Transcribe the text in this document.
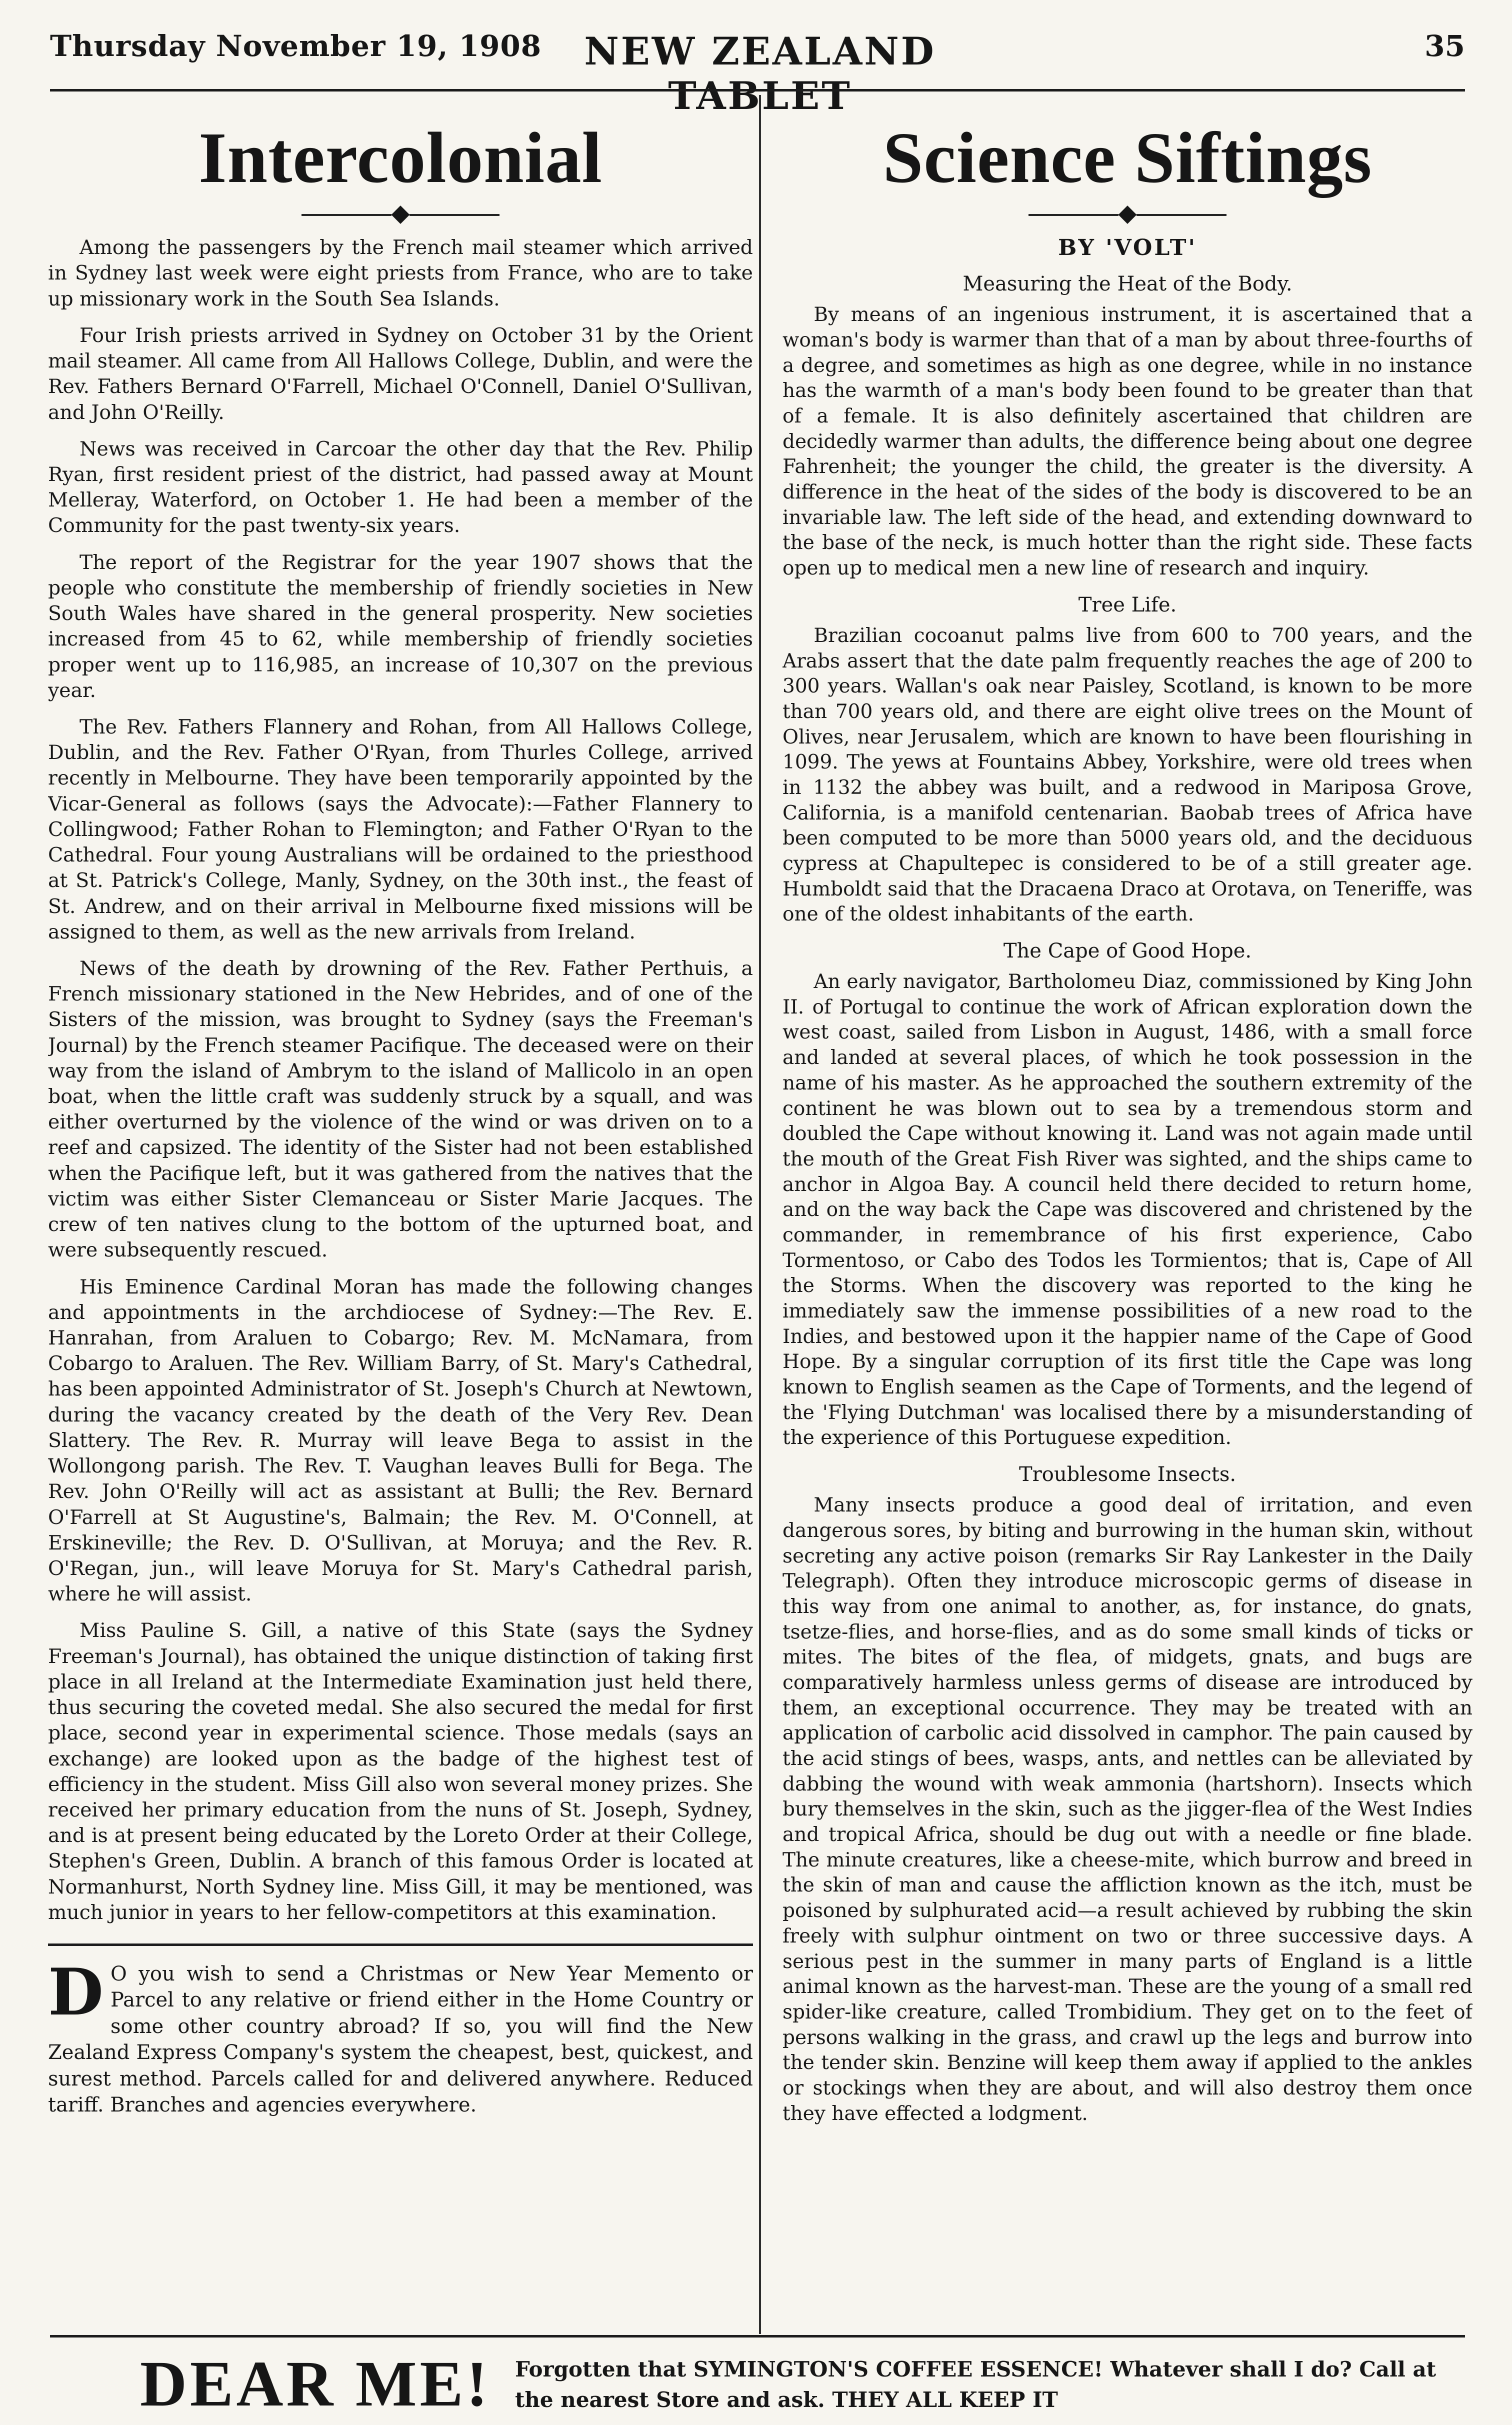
Thursday November 19, 1908	NEW ZEALAND TABLET
35
Intercolonial
◆

Among the passengers by the French mail steamer which arrived in Sydney last week were eight priests from France, who are to take up missionary work in the South Sea Islands.

Four Irish priests arrived in Sydney on October 31 by the Orient mail steamer. All came from All Hallows College, Dublin, and were the Rev. Fathers Bernard O'Farrell, Michael O'Connell, Daniel O'Sullivan, and John O'Reilly.

News was received in Carcoar the other day that the Rev. Philip Ryan, first resident priest of the district, had passed away at Mount Melleray, Waterford, on October 1. He had been a member of the Community for the past twenty-six years.

The report of the Registrar for the year 1907 shows that the people who constitute the membership of friendly societies in New South Wales have shared in the general prosperity. New societies increased from 45 to 62, while membership of friendly societies proper went up to 116,985, an increase of 10,307 on the previous year.

The Rev. Fathers Flannery and Rohan, from All Hallows College, Dublin, and the Rev. Father O'Ryan, from Thurles College, arrived recently in Melbourne. They have been temporarily appointed by the Vicar-General as follows (says the Advocate):—Father Flannery to Collingwood; Father Rohan to Flemington; and Father O'Ryan to the Cathedral. Four young Australians will be ordained to the priesthood at St. Patrick's College, Manly, Sydney, on the 30th inst., the feast of St. Andrew, and on their arrival in Melbourne fixed missions will be assigned to them, as well as the new arrivals from Ireland.

News of the death by drowning of the Rev. Father Perthuis, a French missionary stationed in the New Hebrides, and of one of the Sisters of the mission, was brought to Sydney (says the Freeman's Journal) by the French steamer Pacifique. The deceased were on their way from the island of Ambrym to the island of Mallicolo in an open boat, when the little craft was suddenly struck by a squall, and was either overturned by the violence of the wind or was driven on to a reef and capsized. The identity of the Sister had not been established when the Pacifique left, but it was gathered from the natives that the victim was either Sister Clemanceau or Sister Marie Jacques. The crew of ten natives clung to the bottom of the upturned boat, and were subsequently rescued.

His Eminence Cardinal Moran has made the following changes and appointments in the archdiocese of Sydney:—The Rev. E. Hanrahan, from Araluen to Cobargo; Rev. M. McNamara, from Cobargo to Araluen. The Rev. William Barry, of St. Mary's Cathedral, has been appointed Administrator of St. Joseph's Church at Newtown, during the vacancy created by the death of the Very Rev. Dean Slattery. The Rev. R. Murray will leave Bega to assist in the Wollongong parish. The Rev. T. Vaughan leaves Bulli for Bega. The Rev. John O'Reilly will act as assistant at Bulli; the Rev. Bernard O'Farrell at St Augustine's, Balmain; the Rev. M. O'Connell, at Erskineville; the Rev. D. O'Sullivan, at Moruya; and the Rev. R. O'Regan, jun., will leave Moruya for St. Mary's Cathedral parish, where he will assist.

Miss Pauline S. Gill, a native of this State (says the Sydney Freeman's Journal), has obtained the unique distinction of taking first place in all Ireland at the Intermediate Examination just held there, thus securing the coveted medal. She also secured the medal for first place, second year in experimental science. Those medals (says an exchange) are looked upon as the badge of the highest test of efficiency in the student. Miss Gill also won several money prizes. She received her primary education from the nuns of St. Joseph, Sydney, and is at present being educated by the Loreto Order at their College, Stephen's Green, Dublin. A branch of this famous Order is located at Normanhurst, North Sydney line. Miss Gill, it may be mentioned, was much junior in years to her fellow-competitors at this examination.

D O you wish to send a Christmas or New Year Memento or Parcel to any relative or friend either in the Home Country or some other country abroad? If so, you will find the New Zealand Express Company's system the cheapest, best, quickest, and surest method. Parcels called for and delivered anywhere. Reduced tariff. Branches and agencies everywhere.

Science Siftings
◆
BY 'VOLT'
Measuring the Heat of the Body.

By means of an ingenious instrument, it is ascertained that a woman's body is warmer than that of a man by about three-fourths of a degree, and sometimes as high as one degree, while in no instance has the warmth of a man's body been found to be greater than that of a female. It is also definitely ascertained that children are decidedly warmer than adults, the difference being about one degree Fahrenheit; the younger the child, the greater is the diversity. A difference in the heat of the sides of the body is discovered to be an invariable law. The left side of the head, and extending downward to the base of the neck, is much hotter than the right side. These facts open up to medical men a new line of research and inquiry.

Tree Life.

Brazilian cocoanut palms live from 600 to 700 years, and the Arabs assert that the date palm frequently reaches the age of 200 to 300 years. Wallan's oak near Paisley, Scotland, is known to be more than 700 years old, and there are eight olive trees on the Mount of Olives, near Jerusalem, which are known to have been flourishing in 1099. The yews at Fountains Abbey, Yorkshire, were old trees when in 1132 the abbey was built, and a redwood in Mariposa Grove, California, is a manifold centenarian. Baobab trees of Africa have been computed to be more than 5000 years old, and the deciduous cypress at Chapultepec is considered to be of a still greater age. Humboldt said that the Dracaena Draco at Orotava, on Teneriffe, was one of the oldest inhabitants of the earth.

The Cape of Good Hope.

An early navigator, Bartholomeu Diaz, commissioned by King John II. of Portugal to continue the work of African exploration down the west coast, sailed from Lisbon in August, 1486, with a small force and landed at several places, of which he took possession in the name of his master. As he approached the southern extremity of the continent he was blown out to sea by a tremendous storm and doubled the Cape without knowing it. Land was not again made until the mouth of the Great Fish River was sighted, and the ships came to anchor in Algoa Bay. A council held there decided to return home, and on the way back the Cape was discovered and christened by the commander, in remembrance of his first experience, Cabo Tormentoso, or Cabo des Todos les Tormientos; that is, Cape of All the Storms. When the discovery was reported to the king he immediately saw the immense possibilities of a new road to the Indies, and bestowed upon it the happier name of the Cape of Good Hope. By a singular corruption of its first title the Cape was long known to English seamen as the Cape of Torments, and the legend of the 'Flying Dutchman' was localised there by a misunderstanding of the experience of this Portuguese expedition.

Troublesome Insects.

Many insects produce a good deal of irritation, and even dangerous sores, by biting and burrowing in the human skin, without secreting any active poison (remarks Sir Ray Lankester in the Daily Telegraph). Often they introduce microscopic germs of disease in this way from one animal to another, as, for instance, do gnats, tsetze-flies, and horse-flies, and as do some small kinds of ticks or mites. The bites of the flea, of midgets, gnats, and bugs are comparatively harmless unless germs of disease are introduced by them, an exceptional occurrence. They may be treated with an application of carbolic acid dissolved in camphor. The pain caused by the acid stings of bees, wasps, ants, and nettles can be alleviated by dabbing the wound with weak ammonia (hartshorn). Insects which bury themselves in the skin, such as the jigger-flea of the West Indies and tropical Africa, should be dug out with a needle or fine blade. The minute creatures, like a cheese-mite, which burrow and breed in the skin of man and cause the affliction known as the itch, must be poisoned by sulphurated acid—a result achieved by rubbing the skin freely with sulphur ointment on two or three successive days. A serious pest in the summer in many parts of England is a little animal known as the harvest-man. These are the young of a small red spider-like creature, called Trombidium. They get on to the feet of persons walking in the grass, and crawl up the legs and burrow into the tender skin. Benzine will keep them away if applied to the ankles or stockings when they are about, and will also destroy them once they have effected a lodgment.

DEAR ME! Forgotten that SYMINGTON'S COFFEE ESSENCE! Whatever shall I do? Call at
the nearest Store and ask. THEY ALL KEEP IT
